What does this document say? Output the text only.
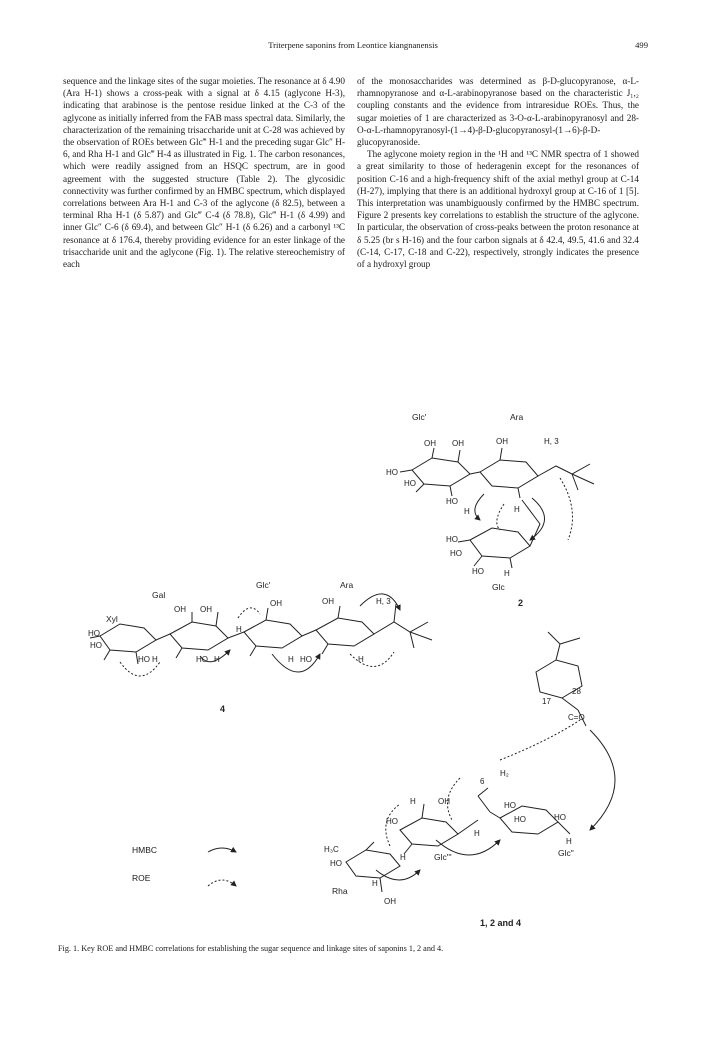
Triterpene saponins from Leontice kiangnanensis	499

sequence and the linkage sites of the sugar moieties. The resonance at δ 4.90 (Ara H-1) shows a cross-peak with a signal at δ 4.15 (aglycone H-3), indicating that arabinose is the pentose residue linked at the C-3 of the aglycone as initially inferred from the FAB mass spectral data. Similarly, the characterization of the remaining trisaccharide unit at C-28 was achieved by the observation of ROEs between Glc‴ H-1 and the preceding sugar Glc″ H-6, and Rha H-1 and Glc‴ H-4 as illustrated in Fig. 1. The carbon resonances, which were readily assigned from an HSQC spectrum, are in good agreement with the suggested structure (Table 2). The glycosidic connectivity was further confirmed by an HMBC spectrum, which displayed correlations between Ara H-1 and C-3 of the aglycone (δ 82.5), between a terminal Rha H-1 (δ 5.87) and Glc‴ C-4 (δ 78.8), Glc‴ H-1 (δ 4.99) and inner Glc″ C-6 (δ 69.4), and between Glc″ H-1 (δ 6.26) and a carbonyl ¹³C resonance at δ 176.4, thereby providing evidence for an ester linkage of the trisaccharide unit and the aglycone (Fig. 1). The relative stereochemistry of each

of the monosaccharides was determined as β-D-glucopyranose, α-L-rhamnopyranose and α-L-arabinopyranose based on the characteristic J₁,₂ coupling constants and the evidence from intraresidue ROEs. Thus, the sugar moieties of 1 are characterized as 3-O-α-L-arabinopyranosyl and 28-O-α-L-rhamnopyranosyl-(1→4)-β-D-glucopyranosyl-(1→6)-β-D-glucopyranoside.

The aglycone moiety region in the ¹H and ¹³C NMR spectra of 1 showed a great similarity to those of hederagenin except for the resonances of position C-16 and a high-frequency shift of the axial methyl group at C-14 (H-27), implying that there is an additional hydroxyl group at C-16 of 1 [5]. This interpretation was unambiguously confirmed by the HMBC spectrum. Figure 2 presents key correlations to establish the structure of the aglycone. In particular, the observation of cross-peaks between the proton resonance at δ 5.25 (br s H-16) and the four carbon signals at δ 42.4, 49.5, 41.6 and 32.4 (C-14, C-17, C-18 and C-22), respectively, strongly indicates the presence of a hydroxyl group

Glc'	Ara
OH OH
HO
HO
HO
OH	H, 3
H	H
HO
HO
HO	H
Glc
2
Xyl
Gal
Glc'	Ara
OH OH
OH	OH
HO
HO
HO	HO	HO
H	H
H
H	H
H, 3
4
28
17
C=O
H₂
6
H	OH	HO
HO	HO
H
H
Glc"
HO
H	Glc'''
H₃C
HO
OH
H
Rha
1, 2 and 4
HMBC
ROE
Fig. 1. Key ROE and HMBC correlations for establishing the sugar sequence and linkage sites of saponins 1, 2 and 4.
